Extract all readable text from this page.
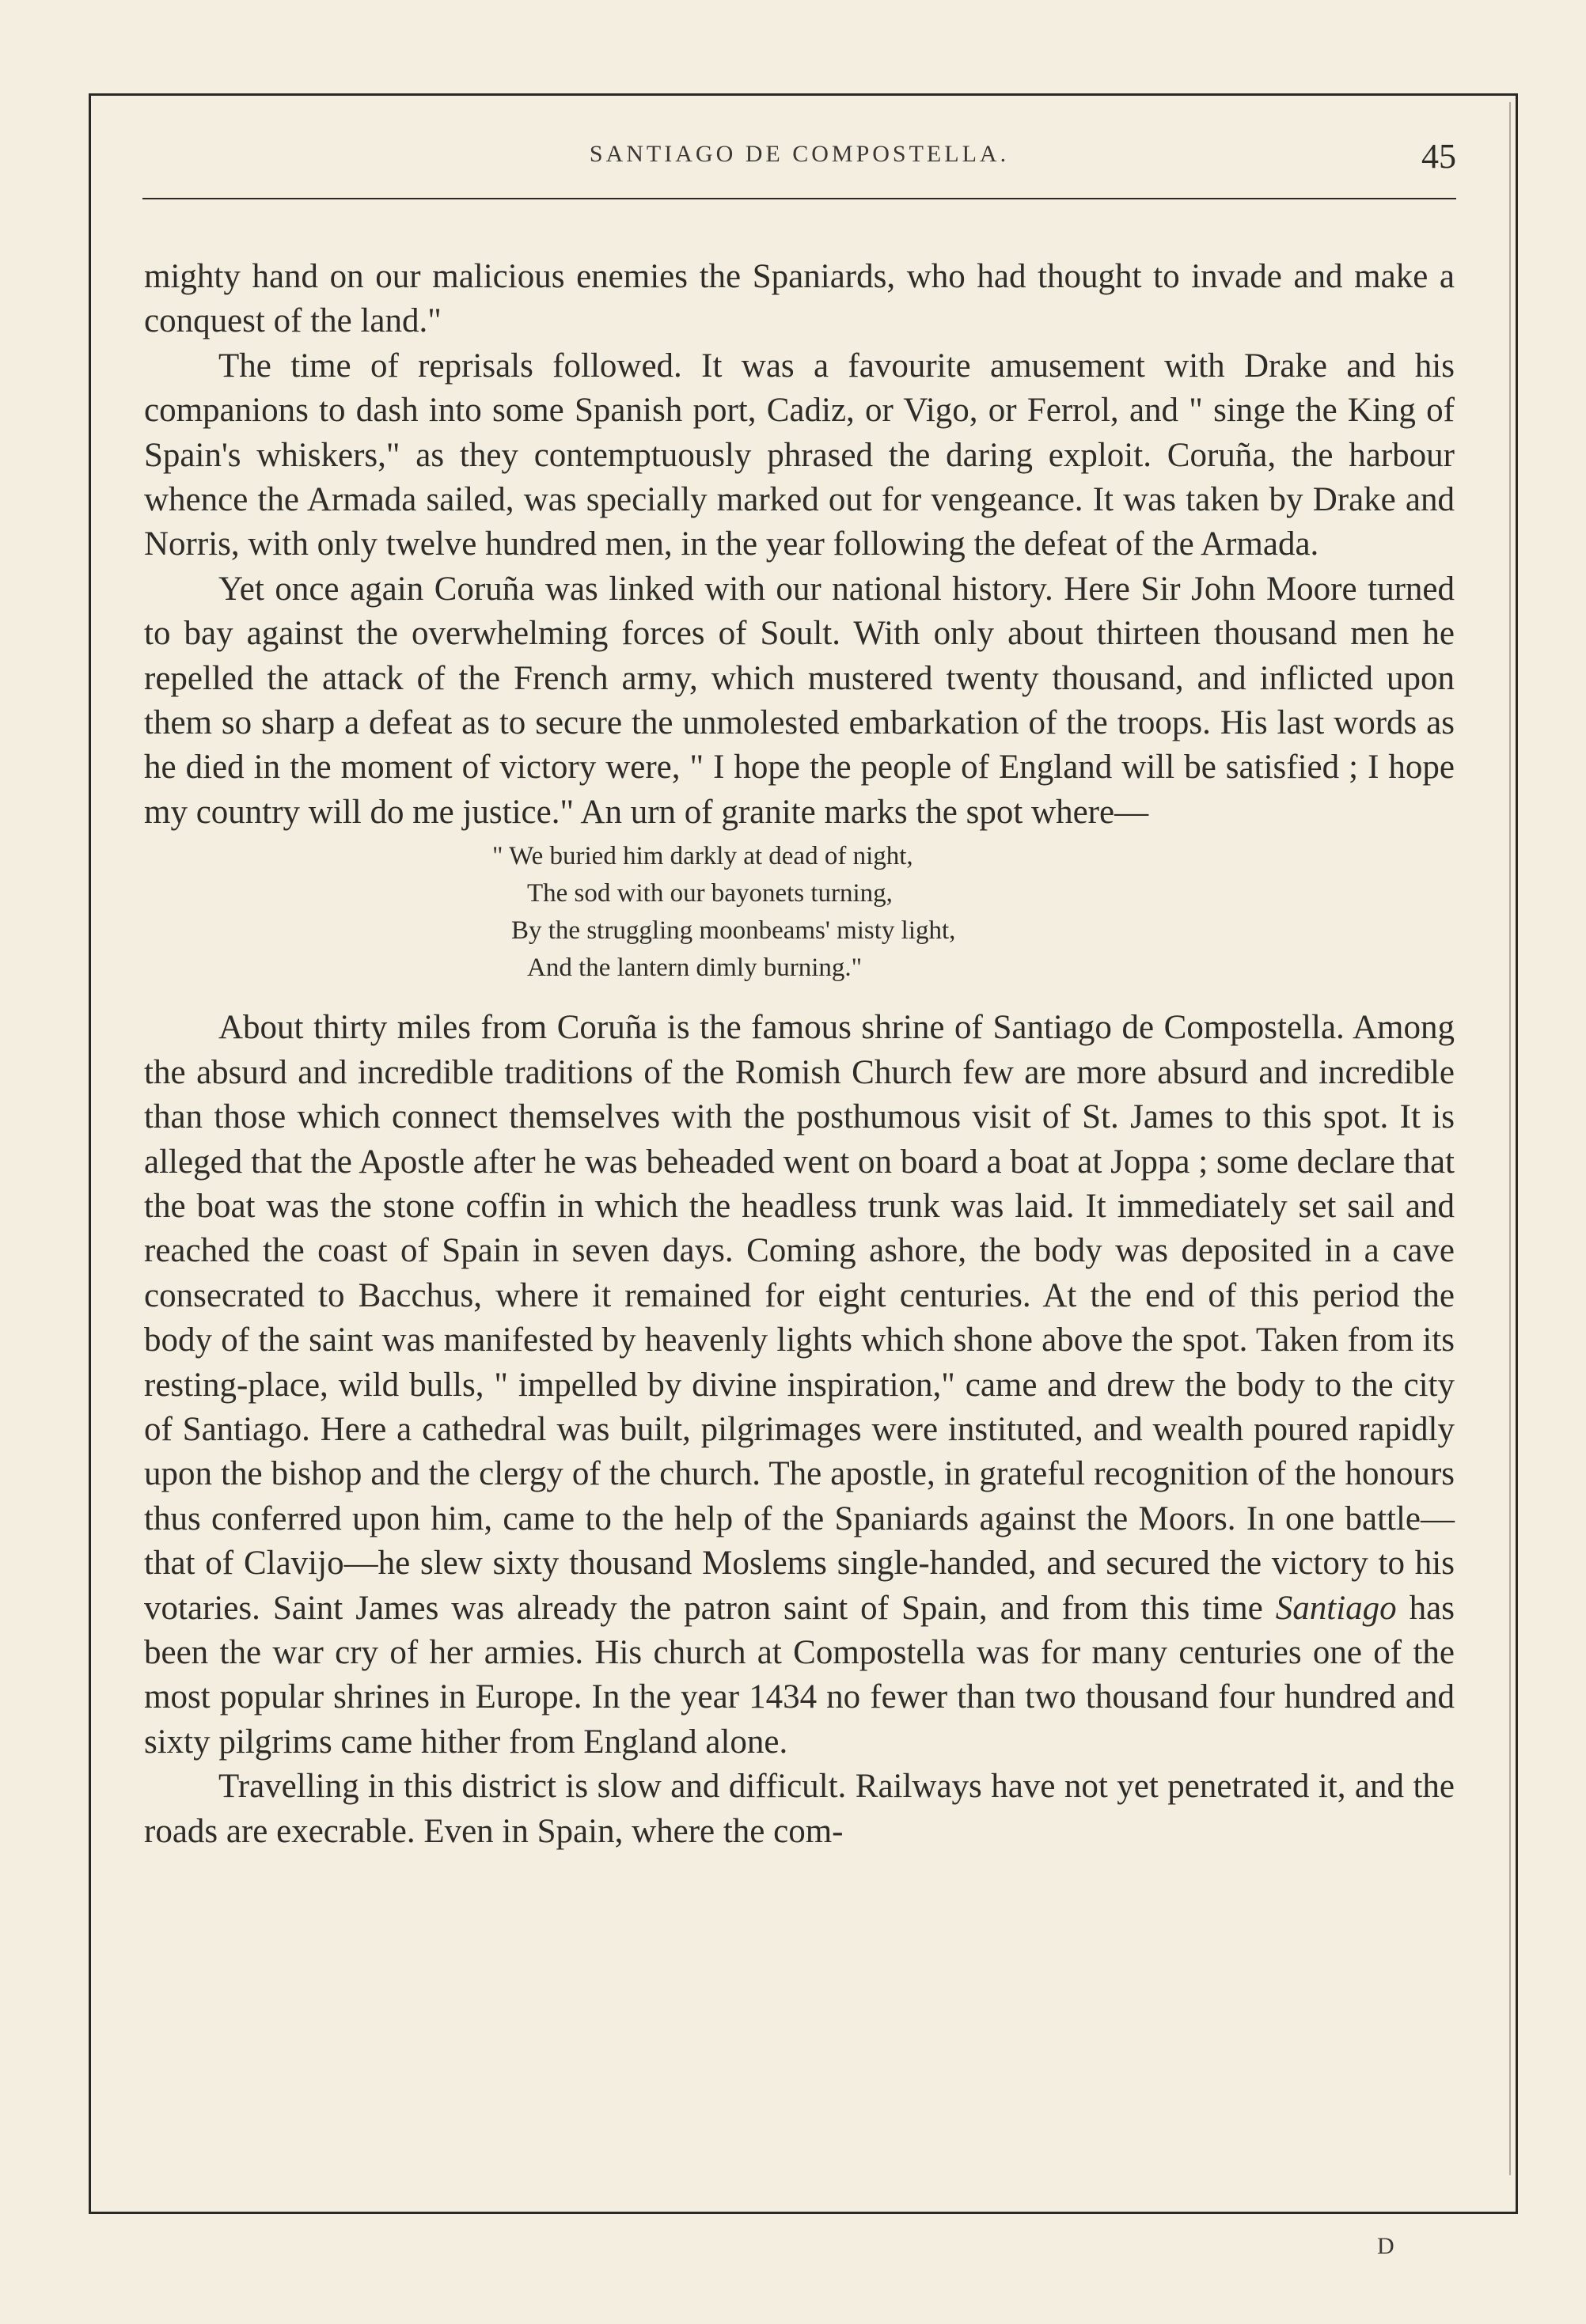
SANTIAGO DE COMPOSTELLA.	45

mighty hand on our malicious enemies the Spaniards, who had thought to invade and make a conquest of the land."

The time of reprisals followed. It was a favourite amusement with Drake and his companions to dash into some Spanish port, Cadiz, or Vigo, or Ferrol, and " singe the King of Spain's whiskers," as they contemptuously phrased the daring exploit. Coruña, the harbour whence the Armada sailed, was specially marked out for vengeance. It was taken by Drake and Norris, with only twelve hundred men, in the year following the defeat of the Armada.

Yet once again Coruña was linked with our national history. Here Sir John Moore turned to bay against the overwhelming forces of Soult. With only about thirteen thousand men he repelled the attack of the French army, which mustered twenty thousand, and inflicted upon them so sharp a defeat as to secure the unmolested embarkation of the troops. His last words as he died in the moment of victory were, " I hope the people of England will be satisfied ; I hope my country will do me justice." An urn of granite marks the spot where—

" We buried him darkly at dead of night,
The sod with our bayonets turning,
By the struggling moonbeams' misty light,
And the lantern dimly burning."

About thirty miles from Coruña is the famous shrine of Santiago de Compostella. Among the absurd and incredible traditions of the Romish Church few are more absurd and incredible than those which connect themselves with the posthumous visit of St. James to this spot. It is alleged that the Apostle after he was beheaded went on board a boat at Joppa ; some declare that the boat was the stone coffin in which the headless trunk was laid. It immediately set sail and reached the coast of Spain in seven days. Coming ashore, the body was deposited in a cave consecrated to Bacchus, where it remained for eight centuries. At the end of this period the body of the saint was manifested by heavenly lights which shone above the spot. Taken from its resting-place, wild bulls, " impelled by divine inspiration," came and drew the body to the city of Santiago. Here a cathedral was built, pilgrimages were instituted, and wealth poured rapidly upon the bishop and the clergy of the church. The apostle, in grateful recognition of the honours thus conferred upon him, came to the help of the Spaniards against the Moors. In one battle—that of Clavijo—he slew sixty thousand Moslems single-handed, and secured the victory to his votaries. Saint James was already the patron saint of Spain, and from this time Santiago has been the war cry of her armies. His church at Compostella was for many centuries one of the most popular shrines in Europe. In the year 1434 no fewer than two thousand four hundred and sixty pilgrims came hither from England alone.

Travelling in this district is slow and difficult. Railways have not yet penetrated it, and the roads are execrable. Even in Spain, where the com-

D
